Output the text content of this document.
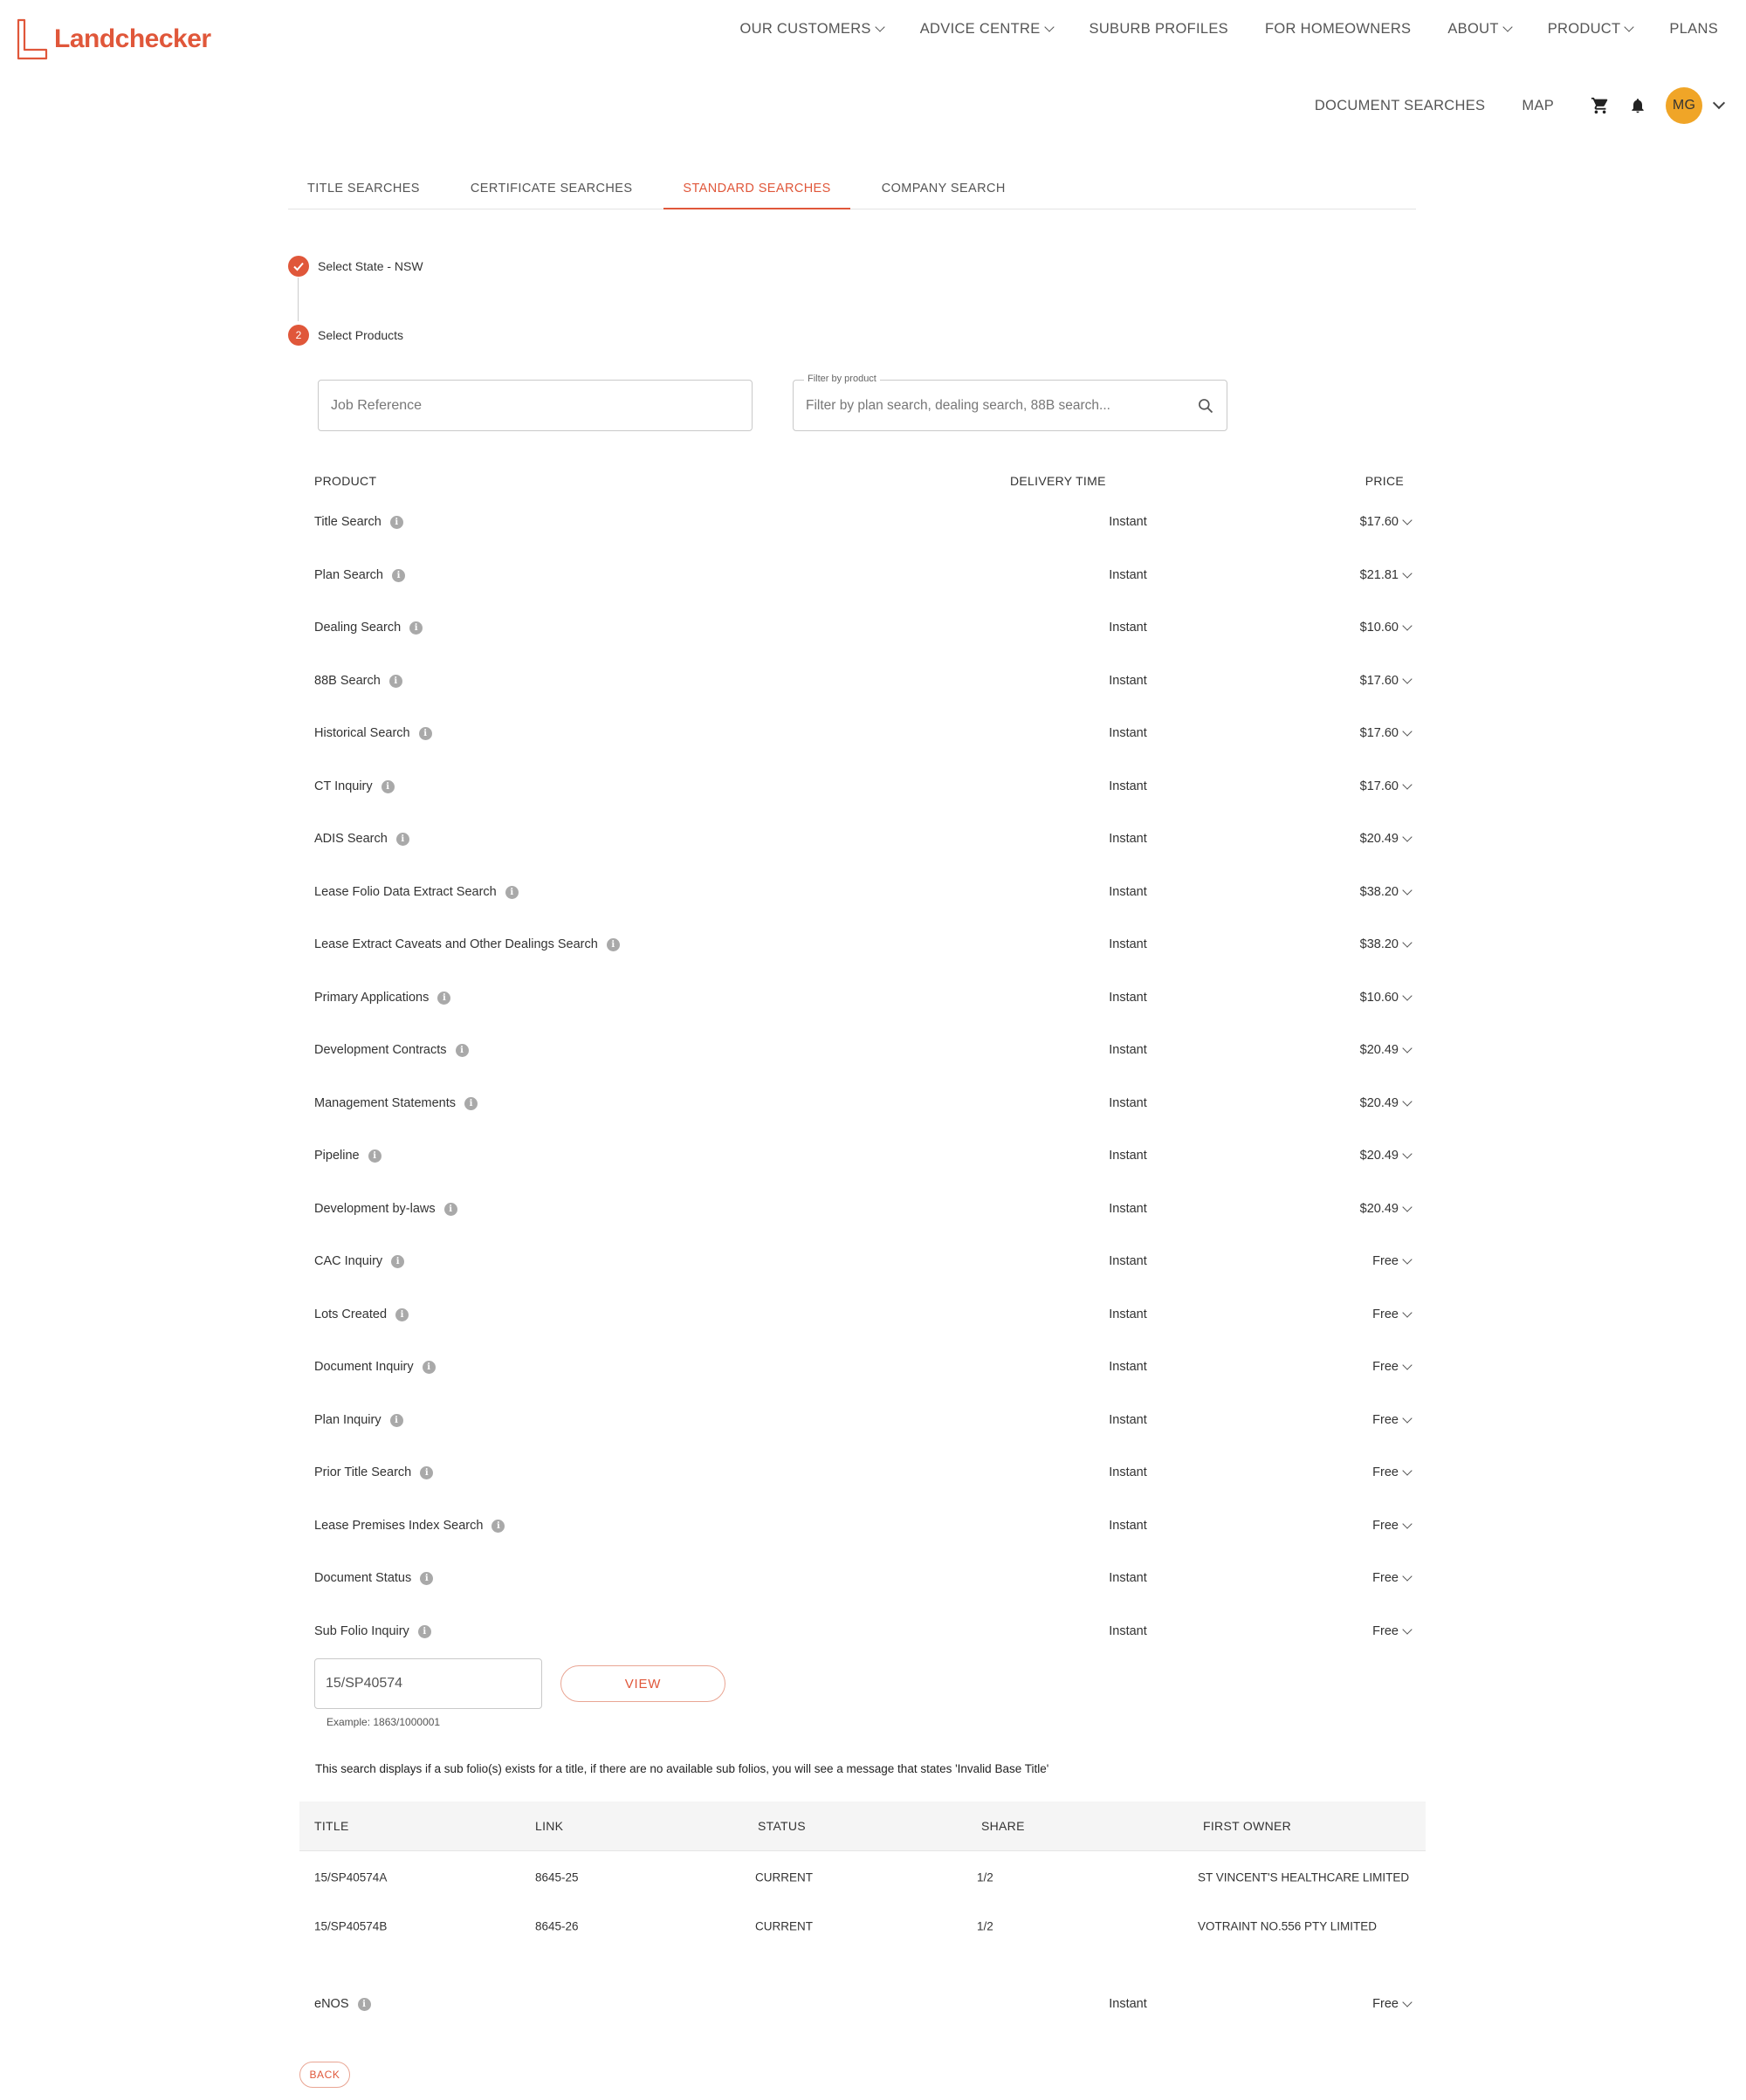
Landchecker	OUR CUSTOMERS	ADVICE CENTRE	SUBURB PROFILES	FOR HOMEOWNERS	ABOUT	PRODUCT	PLANS
DOCUMENT SEARCHES	MAP	MG
TITLE SEARCHES	CERTIFICATE SEARCHES	STANDARD SEARCHES	COMPANY SEARCH
Select State - NSW
2	Select Products
Job Reference
Filter by product
Filter by plan search, dealing search, 88B search...
PRODUCT	DELIVERY TIME	PRICE
Title Search	i	Instant	$17.60
Plan Search	i	Instant	$21.81
Dealing Search	i	Instant	$10.60
88B Search	i	Instant	$17.60
Historical Search	i	Instant	$17.60
CT Inquiry	i	Instant	$17.60
ADIS Search	i	Instant	$20.49
Lease Folio Data Extract Search	i	Instant	$38.20
Lease Extract Caveats and Other Dealings Search	i	Instant	$38.20
Primary Applications	i	Instant	$10.60
Development Contracts	i	Instant	$20.49
Management Statements	i	Instant	$20.49
Pipeline	i	Instant	$20.49
Development by-laws	i	Instant	$20.49
CAC Inquiry	i	Instant	Free
Lots Created	i	Instant	Free
Document Inquiry	i	Instant	Free
Plan Inquiry	i	Instant	Free
Prior Title Search	i	Instant	Free
Lease Premises Index Search	i	Instant	Free
Document Status	i	Instant	Free
Sub Folio Inquiry	i	Instant	Free
15/SP40574
VIEW
Example: 1863/1000001
This search displays if a sub folio(s) exists for a title, if there are no available sub folios, you will see a message that states 'Invalid Base Title'
TITLE	LINK	STATUS	SHARE	FIRST OWNER
15/SP40574A	8645-25	CURRENT	1/2	ST VINCENT'S HEALTHCARE LIMITED
15/SP40574B	8645-26	CURRENT	1/2	VOTRAINT NO.556 PTY LIMITED
eNOS	i	Instant	Free
BACK
